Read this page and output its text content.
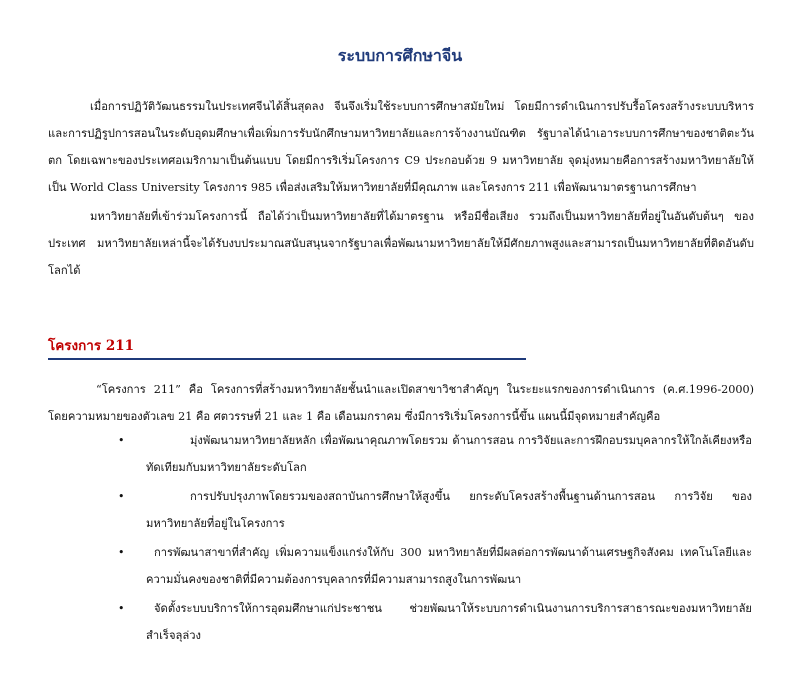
ระบบการศึกษาจีน

เมื่อการปฏิวัติวัฒนธรรมในประเทศจีนได้สิ้นสุดลง จีนจึงเริ่มใช้ระบบการศึกษาสมัยใหม่ โดยมีการดำเนินการปรับรื้อโครงสร้างระบบบริหารและการปฏิรูปการสอนในระดับอุดมศึกษาเพื่อเพิ่มการรับนักศึกษามหาวิทยาลัยและการจ้างงานบัณฑิต รัฐบาลได้นำเอาระบบการศึกษาของชาติตะวันตก โดยเฉพาะของประเทศอเมริกามาเป็นต้นแบบ โดยมีการริเริ่มโครงการ C9 ประกอบด้วย 9 มหาวิทยาลัย จุดมุ่งหมายคือการสร้างมหาวิทยาลัยให้เป็น World Class University โครงการ 985 เพื่อส่งเสริมให้มหาวิทยาลัยที่มีคุณภาพ และโครงการ 211 เพื่อพัฒนามาตรฐานการศึกษา

มหาวิทยาลัยที่เข้าร่วมโครงการนี้ ถือได้ว่าเป็นมหาวิทยาลัยที่ได้มาตรฐาน หรือมีชื่อเสียง รวมถึงเป็นมหาวิทยาลัยที่อยู่ในอันดับต้นๆ ของประเทศ มหาวิทยาลัยเหล่านี้จะได้รับงบประมาณสนับสนุนจากรัฐบาลเพื่อพัฒนามหาวิทยาลัยให้มีศักยภาพสูงและสามารถเป็นมหาวิทยาลัยที่ติดอันดับโลกได้

โครงการ 211

“โครงการ 211” คือ โครงการที่สร้างมหาวิทยาลัยชั้นนำและเปิดสาขาวิชาสำคัญๆ ในระยะแรกของการดำเนินการ (ค.ศ.1996-2000) โดยความหมายของตัวเลข 21 คือ ศตวรรษที่ 21 และ 1 คือ เดือนมกราคม ซึ่งมีการริเริ่มโครงการนี้ขึ้น แผนนี้มีจุดหมายสำคัญคือ

•	มุ่งพัฒนามหาวิทยาลัยหลัก เพื่อพัฒนาคุณภาพโดยรวม ด้านการสอน การวิจัยและการฝึกอบรมบุคลากรให้ใกล้เคียงหรือทัดเทียมกับมหาวิทยาลัยระดับโลก
•	การปรับปรุงภาพโดยรวมของสถาบันการศึกษาให้สูงขึ้น ยกระดับโครงสร้างพื้นฐานด้านการสอน การวิจัย ของมหาวิทยาลัยที่อยู่ในโครงการ
•	การพัฒนาสาขาที่สำคัญ เพิ่มความแข็งแกร่งให้กับ 300 มหาวิทยาลัยที่มีผลต่อการพัฒนาด้านเศรษฐกิจสังคม เทคโนโลยีและความมั่นคงของชาติที่มีความต้องการบุคลากรที่มีความสามารถสูงในการพัฒนา
•	จัดตั้งระบบบริการให้การอุดมศึกษาแก่ประชาชน ช่วยพัฒนาให้ระบบการดำเนินงานการบริการสาธารณะของมหาวิทยาลัยสำเร็จลุล่วง
